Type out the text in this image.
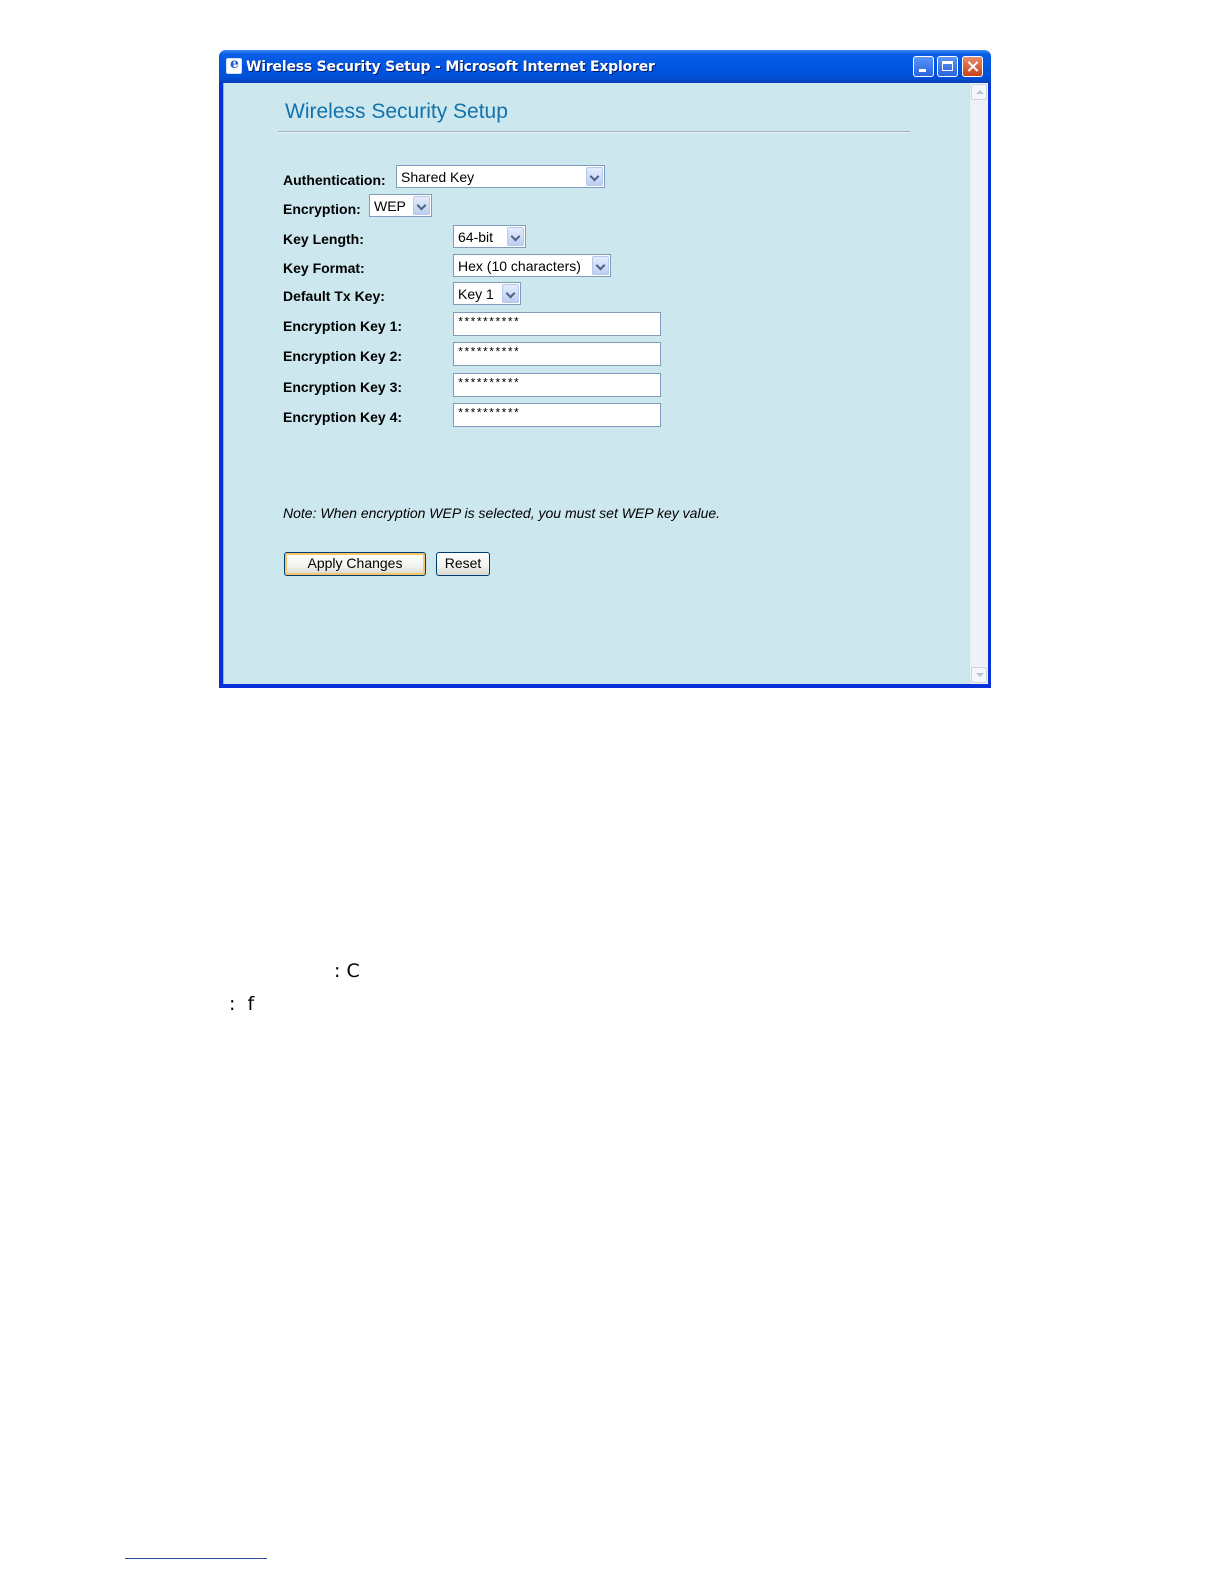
e
Wireless Security Setup - Microsoft Internet Explorer
Wireless Security Setup
Authentication: Shared Key
Encryption: WEP
Key Length:	64-bit
Key Format:	Hex (10 characters)
Default Tx Key:	Key 1
Encryption Key 1:	**********
Encryption Key 2:	**********
Encryption Key 3:	**********
Encryption Key 4:	**********
Note: When encryption WEP is selected, you must set WEP key value.
Apply Changes	Reset
: C
:  f
